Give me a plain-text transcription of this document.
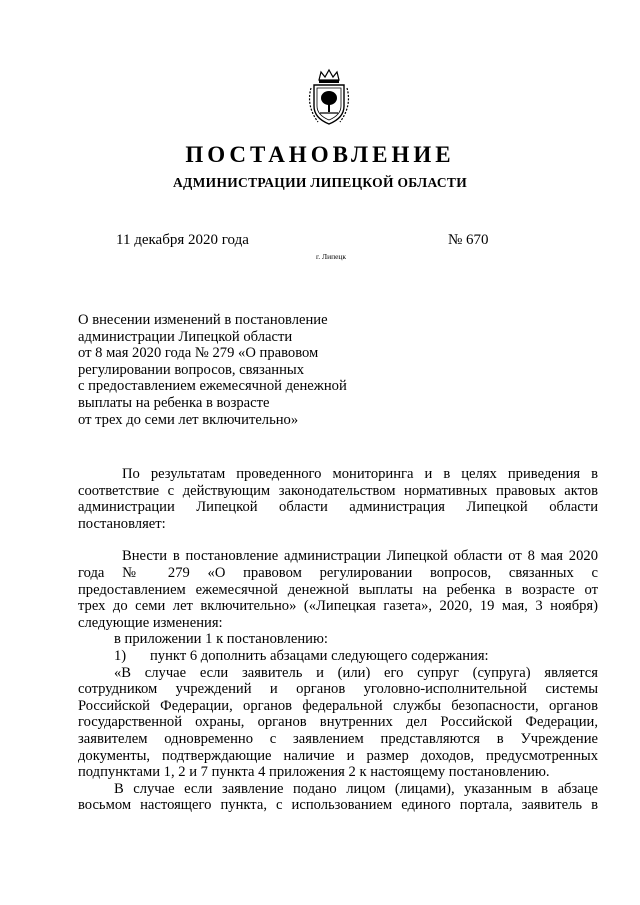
ПОСТАНОВЛЕНИЕ
АДМИНИСТРАЦИИ ЛИПЕЦКОЙ ОБЛАСТИ
11 декабря 2020 года
г. Липецк
№ 670
О внесении изменений в постановление
администрации Липецкой области
от 8 мая 2020 года № 279 «О правовом
регулировании вопросов, связанных
с предоставлением ежемесячной денежной
выплаты на ребенка в возрасте
от трех до семи лет включительно»
По результатам проведенного мониторинга и в целях приведения в
соответствие с действующим законодательством нормативных правовых актов
администрации Липецкой области администрация Липецкой области
постановляет:
Внести в постановление администрации Липецкой области от 8 мая 2020
года № 279 «О правовом регулировании вопросов, связанных с
предоставлением ежемесячной денежной выплаты на ребенка в возрасте от
трех до семи лет включительно» («Липецкая газета», 2020, 19 мая, 3 ноября)
следующие изменения:
в приложении 1 к постановлению:
1) пункт 6 дополнить абзацами следующего содержания:
«В случае если заявитель и (или) его супруг (супруга) является
сотрудником учреждений и органов уголовно-исполнительной системы
Российской Федерации, органов федеральной службы безопасности, органов
государственной охраны, органов внутренних дел Российской Федерации,
заявителем одновременно с заявлением представляются в Учреждение
документы, подтверждающие наличие и размер доходов, предусмотренных
подпунктами 1, 2 и 7 пункта 4 приложения 2 к настоящему постановлению.
В случае если заявление подано лицом (лицами), указанным в абзаце
восьмом настоящего пункта, с использованием единого портала, заявитель в
